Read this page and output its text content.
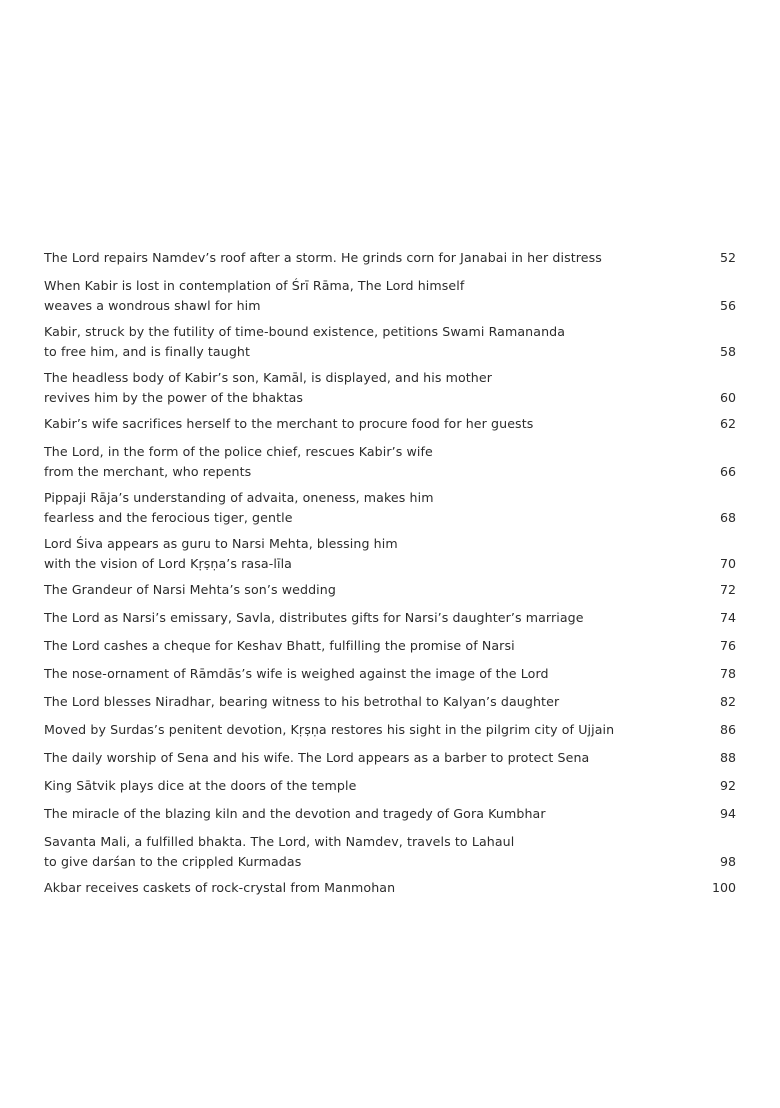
The Lord repairs Namdev’s roof after a storm. He grinds corn for Janabai in her distress	52
When Kabir is lost in contemplation of Śrī Rāma, The Lord himself
weaves a wondrous shawl for him	56
Kabir, struck by the futility of time-bound existence, petitions Swami Ramananda
to free him, and is finally taught	58
The headless body of Kabir’s son, Kamāl, is displayed, and his mother
revives him by the power of the bhaktas	60
Kabir’s wife sacrifices herself to the merchant to procure food for her guests	62
The Lord, in the form of the police chief, rescues Kabir’s wife
from the merchant, who repents	66
Pippaji Rāja’s understanding of advaita, oneness, makes him
fearless and the ferocious tiger, gentle	68
Lord Śiva appears as guru to Narsi Mehta, blessing him
with the vision of Lord Kṛṣṇa’s rasa-līla	70
The Grandeur of Narsi Mehta’s son’s wedding	72
The Lord as Narsi’s emissary, Savla, distributes gifts for Narsi’s daughter’s marriage	74
The Lord cashes a cheque for Keshav Bhatt, fulfilling the promise of Narsi	76
The nose-ornament of Rāmdās’s wife is weighed against the image of the Lord	78
The Lord blesses Niradhar, bearing witness to his betrothal to Kalyan’s daughter	82
Moved by Surdas’s penitent devotion, Kṛṣṇa restores his sight in the pilgrim city of Ujjain	86
The daily worship of Sena and his wife. The Lord appears as a barber to protect Sena	88
King Sātvik plays dice at the doors of the temple	92
The miracle of the blazing kiln and the devotion and tragedy of Gora Kumbhar	94
Savanta Mali, a fulfilled bhakta. The Lord, with Namdev, travels to Lahaul
to give darśan to the crippled Kurmadas	98
Akbar receives caskets of rock-crystal from Manmohan	100
